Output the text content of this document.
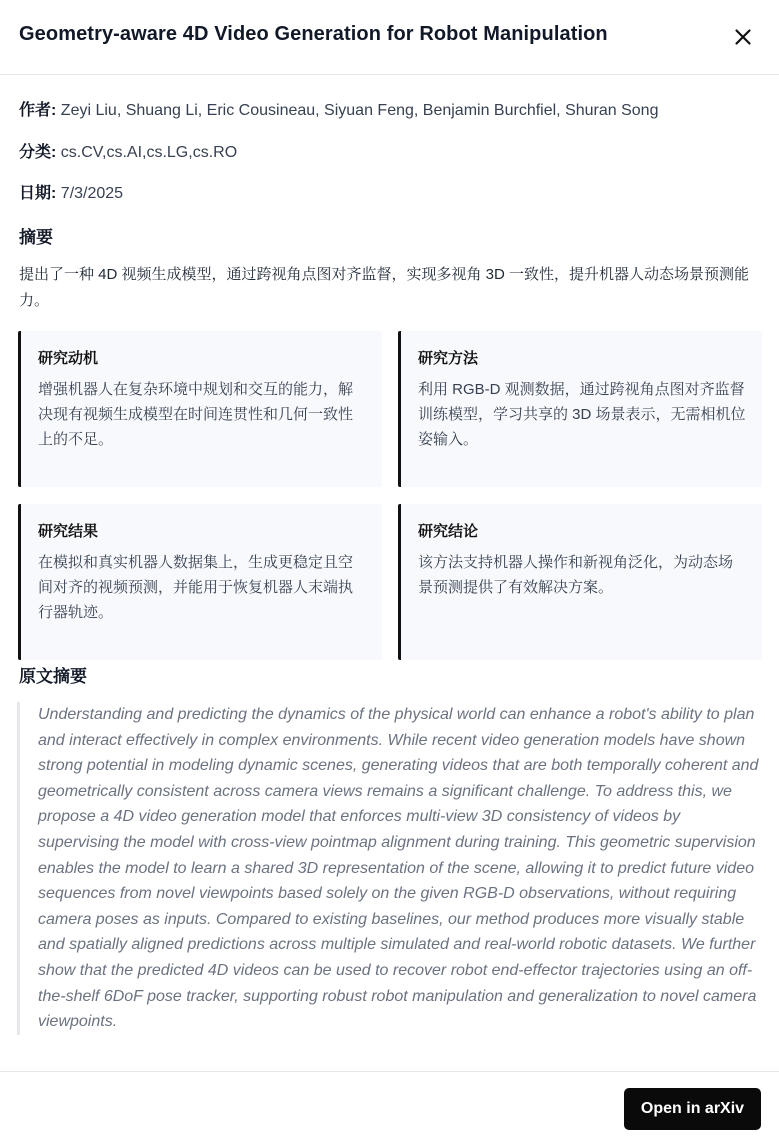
Geometry-aware 4D Video Generation for Robot Manipulation
作者: Zeyi Liu, Shuang Li, Eric Cousineau, Siyuan Feng, Benjamin Burchfiel, Shuran Song
分类: cs.CV,cs.AI,cs.LG,cs.RO
日期: 7/3/2025
摘要
提出了一种 4D 视频生成模型，通过跨视角点图对齐监督，实现多视角 3D 一致性，提升机器人动态场景预测能力。
研究动机
增强机器人在复杂环境中规划和交互的能力，解决现有视频生成模型在时间连贯性和几何一致性上的不足。
研究方法
利用 RGB-D 观测数据，通过跨视角点图对齐监督训练模型，学习共享的 3D 场景表示，无需相机位姿输入。
研究结果
在模拟和真实机器人数据集上，生成更稳定且空间对齐的视频预测，并能用于恢复机器人末端执行器轨迹。
研究结论
该方法支持机器人操作和新视角泛化，为动态场景预测提供了有效解决方案。
原文摘要
Understanding and predicting the dynamics of the physical world can enhance a robot's ability to plan and interact effectively in complex environments. While recent video generation models have shown strong potential in modeling dynamic scenes, generating videos that are both temporally coherent and geometrically consistent across camera views remains a significant challenge. To address this, we propose a 4D video generation model that enforces multi-view 3D consistency of videos by supervising the model with cross-view pointmap alignment during training. This geometric supervision enables the model to learn a shared 3D representation of the scene, allowing it to predict future video sequences from novel viewpoints based solely on the given RGB-D observations, without requiring camera poses as inputs. Compared to existing baselines, our method produces more visually stable and spatially aligned predictions across multiple simulated and real-world robotic datasets. We further show that the predicted 4D videos can be used to recover robot end-effector trajectories using an off-the-shelf 6DoF pose tracker, supporting robust robot manipulation and generalization to novel camera viewpoints.
Open in arXiv
